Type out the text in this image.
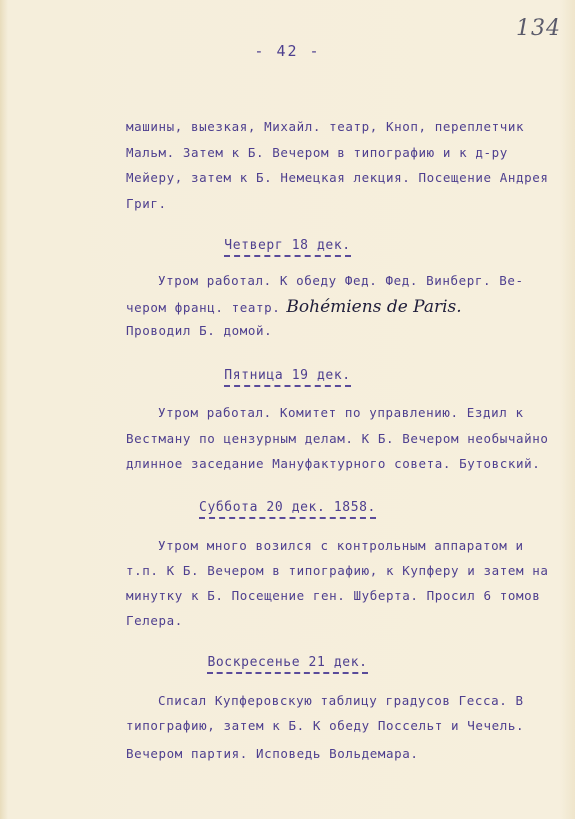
134
- 42 -
машины, выезкая, Михайл. театр, Кноп, переплетчик
Мальм. Затем к Б. Вечером в типографию и к д-ру
Мейеру, затем к Б. Немецкая лекция. Посещение Андрея
Григ.
Четверг 18 дек.
Утром работал. К обеду Фед. Фед. Винберг. Ве-
чером франц. театр. Bohémiens de Paris.
Проводил Б. домой.
Пятница 19 дек.
Утром работал. Комитет по управлению. Ездил к
Вестману по цензурным делам. К Б. Вечером необычайно
длинное заседание Мануфактурного совета. Бутовский.
Суббота 20 дек. 1858.
Утром много возился с контрольным аппаратом и
т.п. К Б. Вечером в типографию, к Купферу и затем на
минутку к Б. Посещение ген. Шуберта. Просил 6 томов
Гелера.
Воскресенье 21 дек.
Списал Купферовскую таблицу градусов Гесса. В
типографию, затем к Б. К обеду Поссельт и Чечель.
Вечером партия. Исповедь Вольдемара.
